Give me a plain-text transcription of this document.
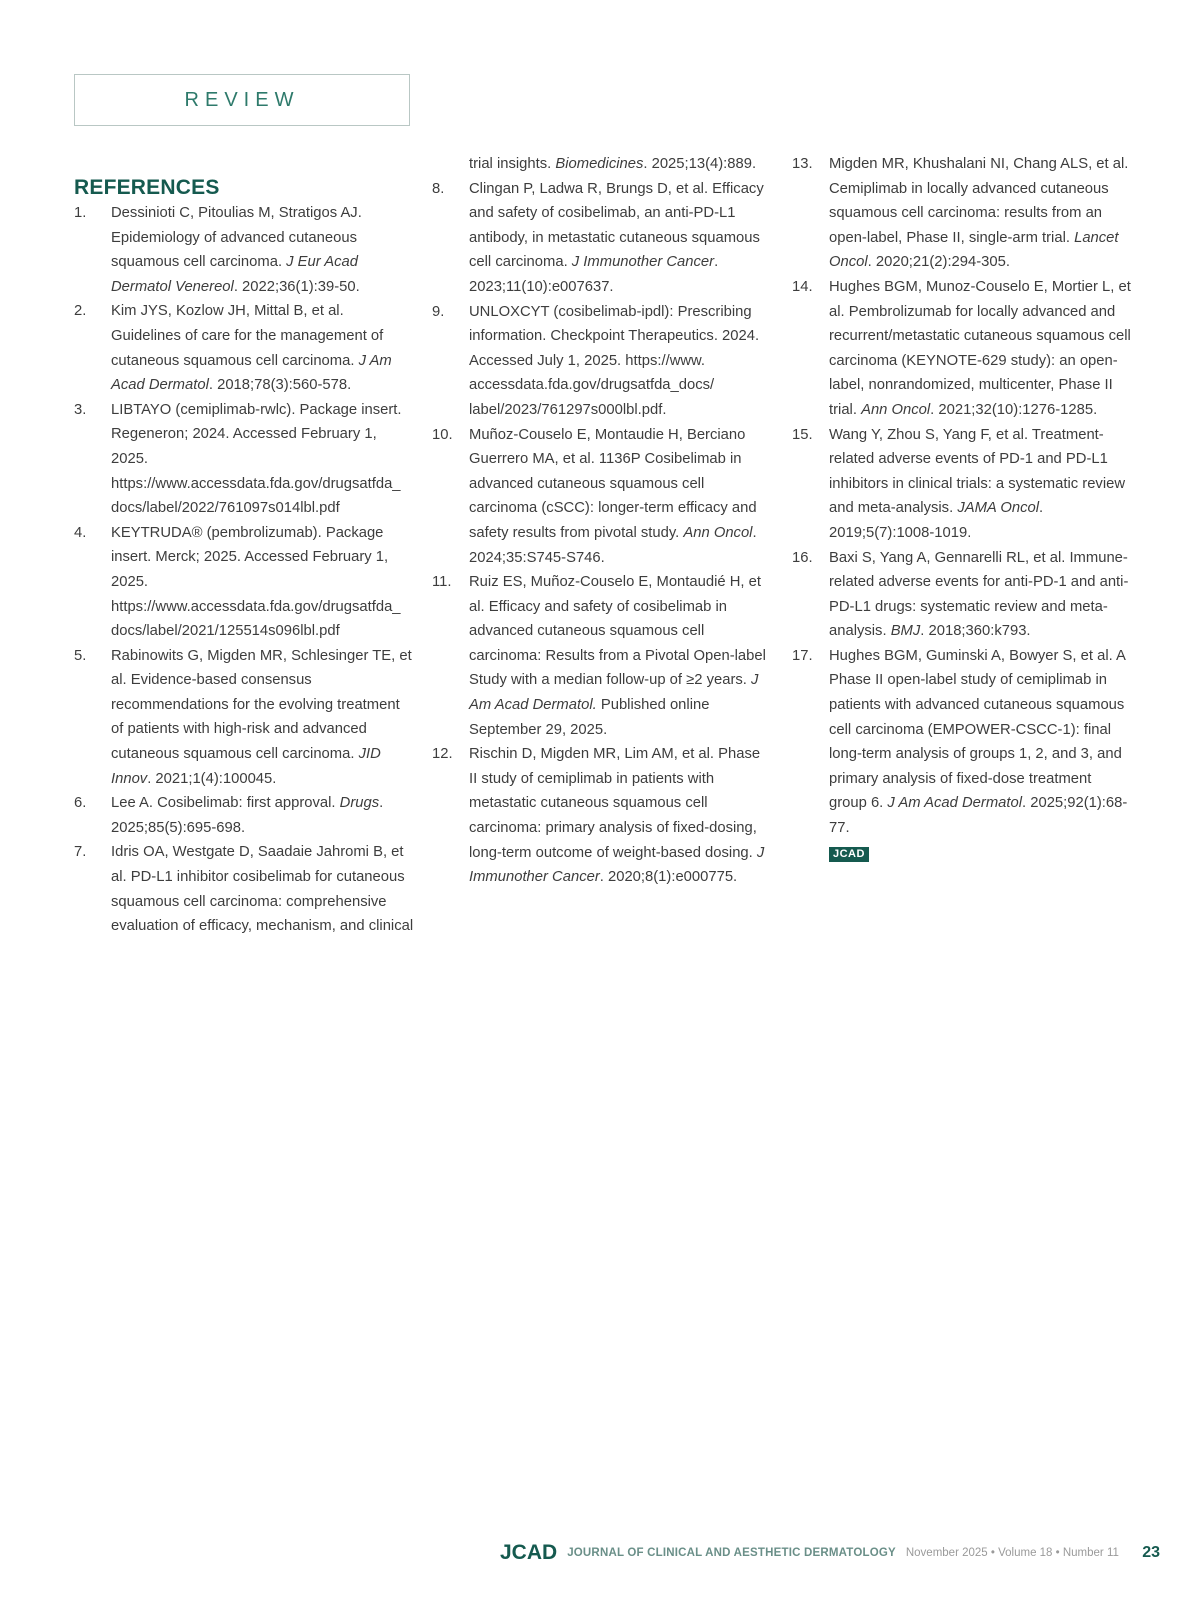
REVIEW
REFERENCES
1.	Dessinioti C, Pitoulias M, Stratigos AJ. Epidemiology of advanced cutaneous squamous cell carcinoma. J Eur Acad Dermatol Venereol. 2022;36(1):39-50.
2.	Kim JYS, Kozlow JH, Mittal B, et al. Guidelines of care for the management of cutaneous squamous cell carcinoma. J Am Acad Dermatol. 2018;78(3):560-578.
3.	LIBTAYO (cemiplimab-rwlc). Package insert. Regeneron; 2024. Accessed February 1, 2025. https://www.accessdata.fda.gov/drugsatfda_ docs/label/2022/761097s014lbl.pdf
4.	KEYTRUDA® (pembrolizumab). Package insert. Merck; 2025. Accessed February 1, 2025. https://www.accessdata.fda.gov/drugsatfda_ docs/label/2021/125514s096lbl.pdf
5.	Rabinowits G, Migden MR, Schlesinger TE, et al. Evidence-based consensus recommendations for the evolving treatment of patients with high-risk and advanced cutaneous squamous cell carcinoma. JID Innov. 2021;1(4):100045.
6.	Lee A. Cosibelimab: first approval. Drugs. 2025;85(5):695-698.
7.	Idris OA, Westgate D, Saadaie Jahromi B, et al. PD-L1 inhibitor cosibelimab for cutaneous squamous cell carcinoma: comprehensive evaluation of efficacy, mechanism, and clinical
trial insights. Biomedicines. 2025;13(4):889.
8.	Clingan P, Ladwa R, Brungs D, et al. Efficacy and safety of cosibelimab, an anti-PD-L1 antibody, in metastatic cutaneous squamous cell carcinoma. J Immunother Cancer. 2023;11(10):e007637.
9.	UNLOXCYT (cosibelimab-ipdl): Prescribing information. Checkpoint Therapeutics. 2024. Accessed July 1, 2025. https://www. accessdata.fda.gov/drugsatfda_docs/ label/2023/761297s000lbl.pdf.
10.	Muñoz-Couselo E, Montaudie H, Berciano Guerrero MA, et al. 1136P Cosibelimab in advanced cutaneous squamous cell carcinoma (cSCC): longer-term efficacy and safety results from pivotal study. Ann Oncol. 2024;35:S745-S746.
11.	Ruiz ES, Muñoz-Couselo E, Montaudié H, et al. Efficacy and safety of cosibelimab in advanced cutaneous squamous cell carcinoma: Results from a Pivotal Open-label Study with a median follow-up of ≥2 years. J Am Acad Dermatol. Published online September 29, 2025.
12.	Rischin D, Migden MR, Lim AM, et al. Phase II study of cemiplimab in patients with metastatic cutaneous squamous cell carcinoma: primary analysis of fixed-dosing, long-term outcome of weight-based dosing. J Immunother Cancer. 2020;8(1):e000775.
13.	Migden MR, Khushalani NI, Chang ALS, et al. Cemiplimab in locally advanced cutaneous squamous cell carcinoma: results from an open-label, Phase II, single-arm trial. Lancet Oncol. 2020;21(2):294-305.
14.	Hughes BGM, Munoz-Couselo E, Mortier L, et al. Pembrolizumab for locally advanced and recurrent/metastatic cutaneous squamous cell carcinoma (KEYNOTE-629 study): an open-label, nonrandomized, multicenter, Phase II trial. Ann Oncol. 2021;32(10):1276-1285.
15.	Wang Y, Zhou S, Yang F, et al. Treatment-related adverse events of PD-1 and PD-L1 inhibitors in clinical trials: a systematic review and meta-analysis. JAMA Oncol. 2019;5(7):1008-1019.
16.	Baxi S, Yang A, Gennarelli RL, et al. Immune-related adverse events for anti-PD-1 and anti-PD-L1 drugs: systematic review and meta-analysis. BMJ. 2018;360:k793.
17.	Hughes BGM, Guminski A, Bowyer S, et al. A Phase II open-label study of cemiplimab in patients with advanced cutaneous squamous cell carcinoma (EMPOWER-CSCC-1): final long-term analysis of groups 1, 2, and 3, and primary analysis of fixed-dose treatment group 6. J Am Acad Dermatol. 2025;92(1):68-77.
JCAD
JCAD JOURNAL OF CLINICAL AND AESTHETIC DERMATOLOGY November 2025 • Volume 18 • Number 11 23
